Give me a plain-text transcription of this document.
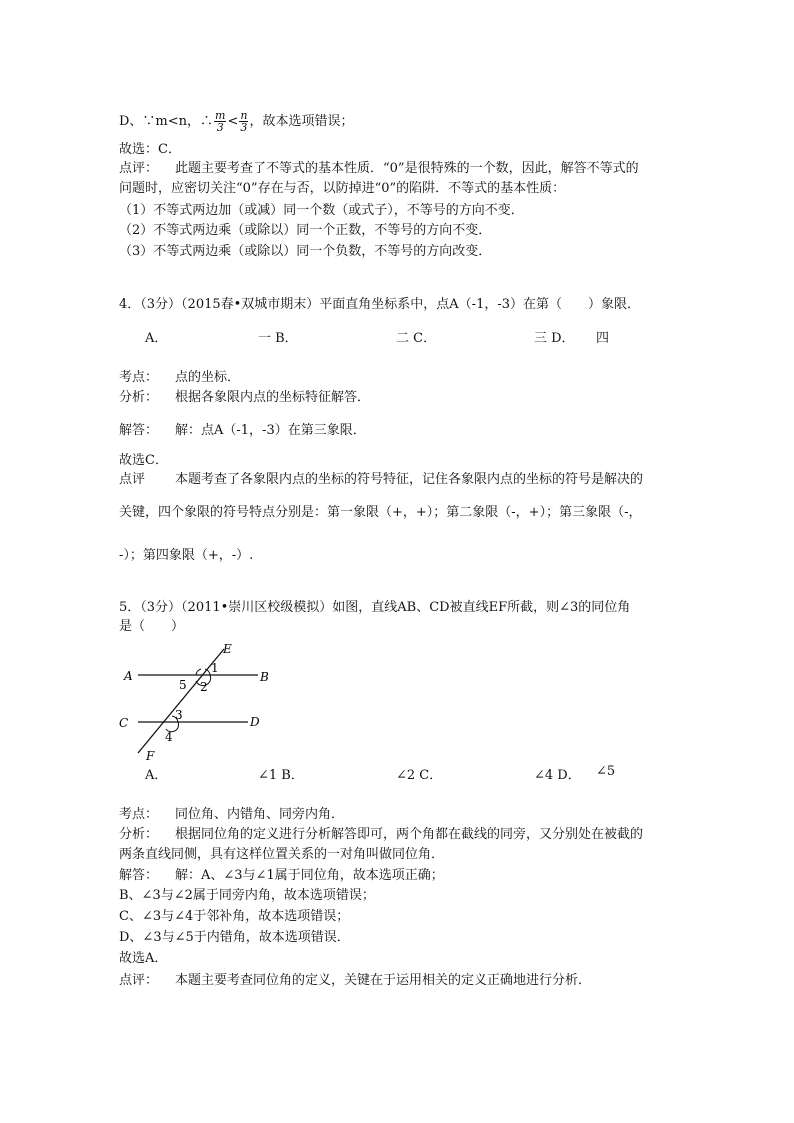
D、∵m<n，∴ $\frac{m}{3} < \frac{n}{3}$ ，故本选项错误；
故选：C．
点评： 此题主要考查了不等式的基本性质．“0”是很特殊的一个数，因此，解答不等式的
问题时，应密切关注“0”存在与否，以防掉进“0”的陷阱．不等式的基本性质：
（1）不等式两边加（或减）同一个数（或式子），不等号的方向不变．
（2）不等式两边乘（或除以）同一个正数，不等号的方向不变．
（3）不等式两边乘（或除以）同一个负数，不等号的方向改变．
4．（3分）（2015春•双城市期末）平面直角坐标系中，点A（-1，-3）在第（　　）象限．
A．	一 B．	二 C．	三 D． 四
考点： 点的坐标．
分析： 根据各象限内点的坐标特征解答．
解答： 解：点A（-1，-3）在第三象限．
故选C．
点评 本题考查了各象限内点的坐标的符号特征，记住各象限内点的坐标的符号是解决的
关键，四个象限的符号特点分别是：第一象限（+，+）；第二象限（-，+）；第三象限（-，
-）；第四象限（+，-）.
5．（3分）（2011•崇川区校级模拟）如图，直线AB、CD被直线EF所截，则∠3的同位角
是（　　）
E
A	B
C	D
F
1
2
3
4
5
A．	∠1 B．	∠2 C．	∠4 D． ∠5
考点： 同位角、内错角、同旁内角．
分析： 根据同位角的定义进行分析解答即可，两个角都在截线的同旁，又分别处在被截的
两条直线同侧，具有这样位置关系的一对角叫做同位角．
解答： 解：A、∠3与∠1属于同位角，故本选项正确；
B、∠3与∠2属于同旁内角，故本选项错误；
C、∠3与∠4于邻补角，故本选项错误；
D、∠3与∠5于内错角，故本选项错误．
故选A．
点评： 本题主要考查同位角的定义，关键在于运用相关的定义正确地进行分析．
